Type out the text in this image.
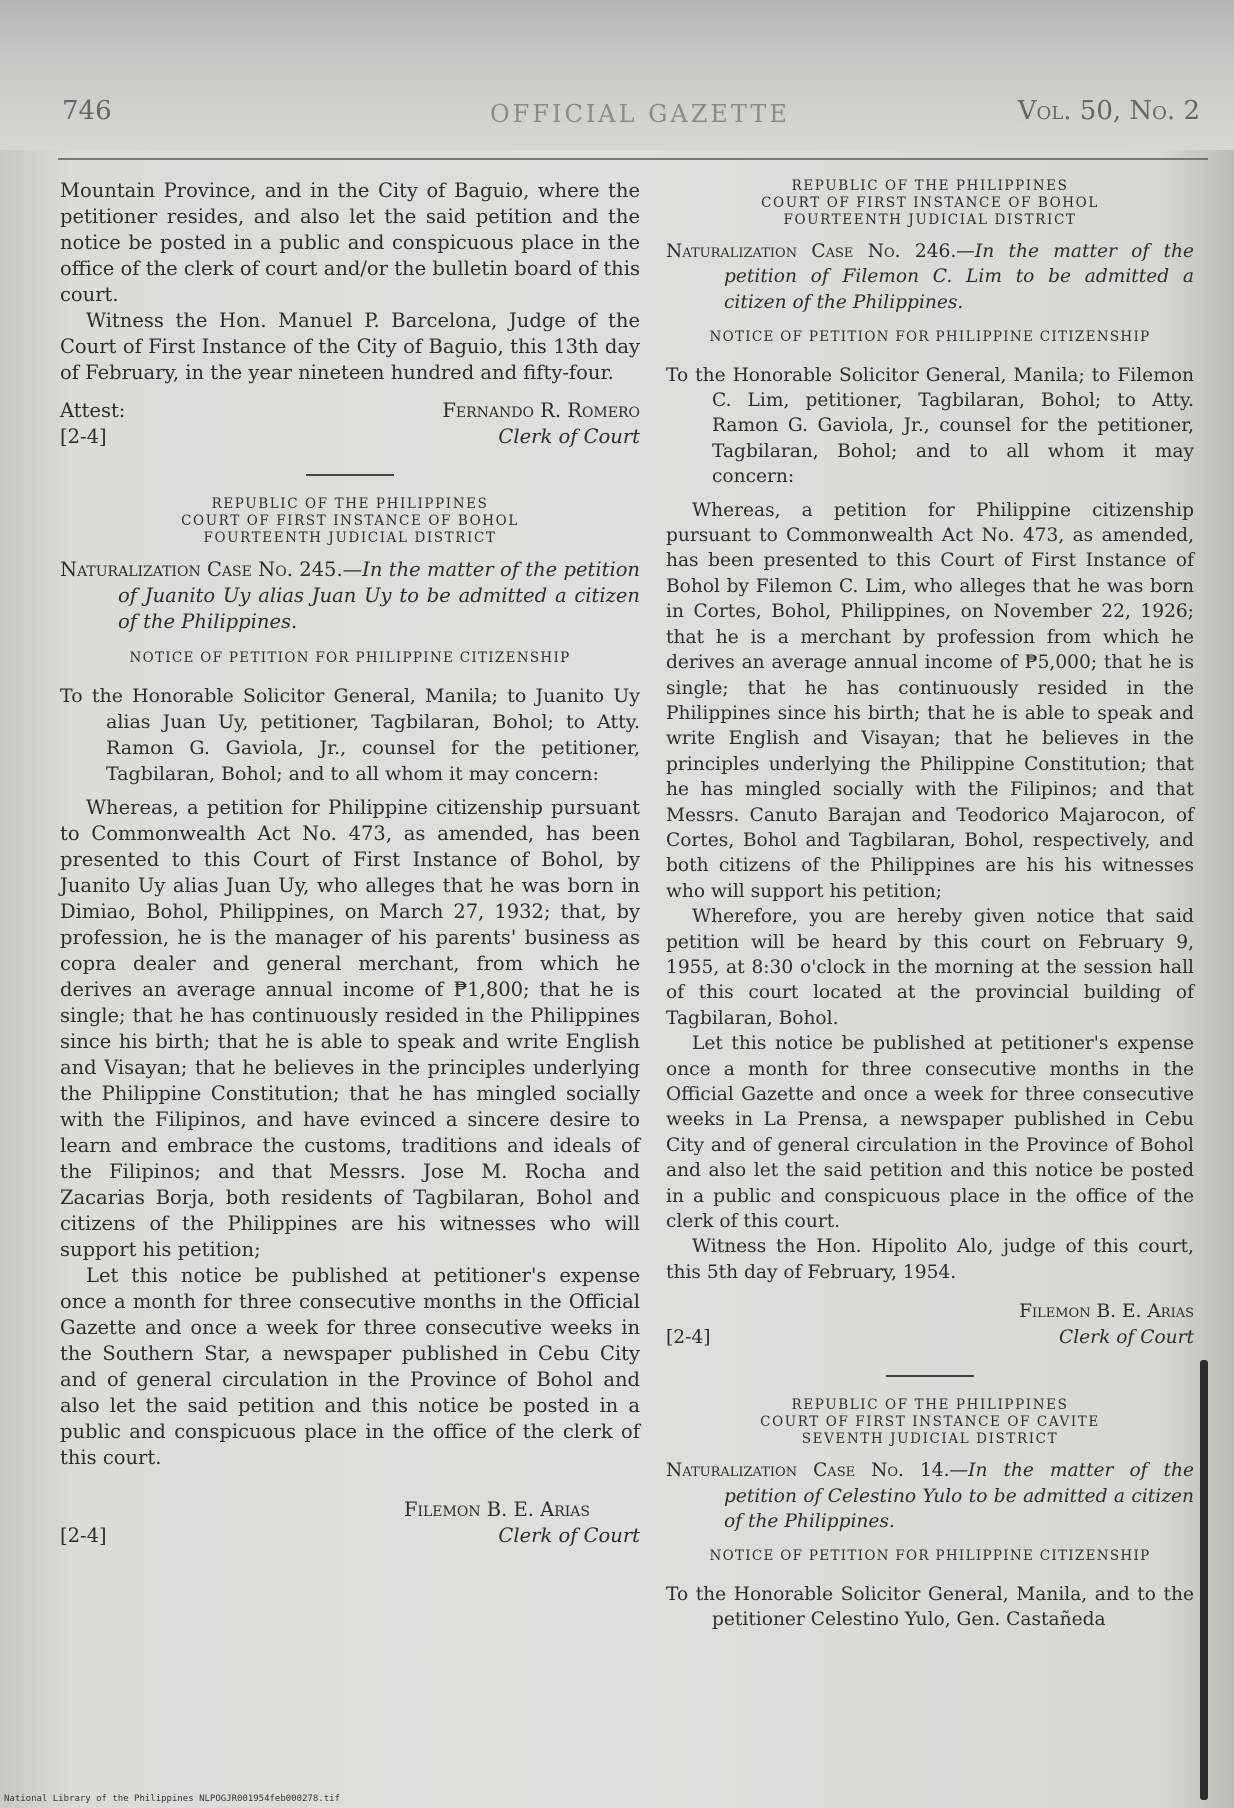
746	OFFICIAL GAZETTE	Vol. 50, No. 2

Mountain Province, and in the City of Baguio, where the petitioner resides, and also let the said petition and the notice be posted in a public and conspicuous place in the office of the clerk of court and/or the bulletin board of this court.

Witness the Hon. Manuel P. Barcelona, Judge of the Court of First Instance of the City of Baguio, this 13th day of February, in the year nineteen hundred and fifty-four.

Attest:
[2-4]
Fernando R. Romero
Clerk of Court
REPUBLIC OF THE PHILIPPINES
COURT OF FIRST INSTANCE OF BOHOL
FOURTEENTH JUDICIAL DISTRICT

Naturalization Case No. 245.—In the matter of the petition of Juanito Uy alias Juan Uy to be admitted a citizen of the Philippines.

NOTICE OF PETITION FOR PHILIPPINE CITIZENSHIP

To the Honorable Solicitor General, Manila; to Juanito Uy alias Juan Uy, petitioner, Tagbilaran, Bohol; to Atty. Ramon G. Gaviola, Jr., counsel for the petitioner, Tagbilaran, Bohol; and to all whom it may concern:

Whereas, a petition for Philippine citizenship pursuant to Commonwealth Act No. 473, as amended, has been presented to this Court of First Instance of Bohol, by Juanito Uy alias Juan Uy, who alleges that he was born in Dimiao, Bohol, Philippines, on March 27, 1932; that, by profession, he is the manager of his parents' business as copra dealer and general merchant, from which he derives an average annual income of ₱1,800; that he is single; that he has continuously resided in the Philippines since his birth; that he is able to speak and write English and Visayan; that he believes in the principles underlying the Philippine Constitution; that he has mingled socially with the Filipinos, and have evinced a sincere desire to learn and embrace the customs, traditions and ideals of the Filipinos; and that Messrs. Jose M. Rocha and Zacarias Borja, both residents of Tagbilaran, Bohol and citizens of the Philippines are his witnesses who will support his petition;

Let this notice be published at petitioner's expense once a month for three consecutive months in the Official Gazette and once a week for three consecutive weeks in the Southern Star, a newspaper published in Cebu City and of general circulation in the Province of Bohol and also let the said petition and this notice be posted in a public and conspicuous place in the office of the clerk of this court.

[2-4]
Filemon B. E. Arias
Clerk of Court
REPUBLIC OF THE PHILIPPINES
COURT OF FIRST INSTANCE OF BOHOL
FOURTEENTH JUDICIAL DISTRICT

Naturalization Case No. 246.—In the matter of the petition of Filemon C. Lim to be admitted a citizen of the Philippines.

NOTICE OF PETITION FOR PHILIPPINE CITIZENSHIP

To the Honorable Solicitor General, Manila; to Filemon C. Lim, petitioner, Tagbilaran, Bohol; to Atty. Ramon G. Gaviola, Jr., counsel for the petitioner, Tagbilaran, Bohol; and to all whom it may concern:

Whereas, a petition for Philippine citizenship pursuant to Commonwealth Act No. 473, as amended, has been presented to this Court of First Instance of Bohol by Filemon C. Lim, who alleges that he was born in Cortes, Bohol, Philippines, on November 22, 1926; that he is a merchant by profession from which he derives an average annual income of ₱5,000; that he is single; that he has continuously resided in the Philippines since his birth; that he is able to speak and write English and Visayan; that he believes in the principles underlying the Philippine Constitution; that he has mingled socially with the Filipinos; and that Messrs. Canuto Barajan and Teodorico Majarocon, of Cortes, Bohol and Tagbilaran, Bohol, respectively, and both citizens of the Philippines are his his witnesses who will support his petition;

Wherefore, you are hereby given notice that said petition will be heard by this court on February 9, 1955, at 8:30 o'clock in the morning at the session hall of this court located at the provincial building of Tagbilaran, Bohol.

Let this notice be published at petitioner's expense once a month for three consecutive months in the Official Gazette and once a week for three consecutive weeks in La Prensa, a newspaper published in Cebu City and of general circulation in the Province of Bohol and also let the said petition and this notice be posted in a public and conspicuous place in the office of the clerk of this court.

Witness the Hon. Hipolito Alo, judge of this court, this 5th day of February, 1954.

[2-4]
Filemon B. E. Arias
Clerk of Court
REPUBLIC OF THE PHILIPPINES
COURT OF FIRST INSTANCE OF CAVITE
SEVENTH JUDICIAL DISTRICT

Naturalization Case No. 14.—In the matter of the petition of Celestino Yulo to be admitted a citizen of the Philippines.

NOTICE OF PETITION FOR PHILIPPINE CITIZENSHIP

To the Honorable Solicitor General, Manila, and to the petitioner Celestino Yulo, Gen. Castañeda

National Library of the Philippines NLPOGJR001954feb000278.tif
